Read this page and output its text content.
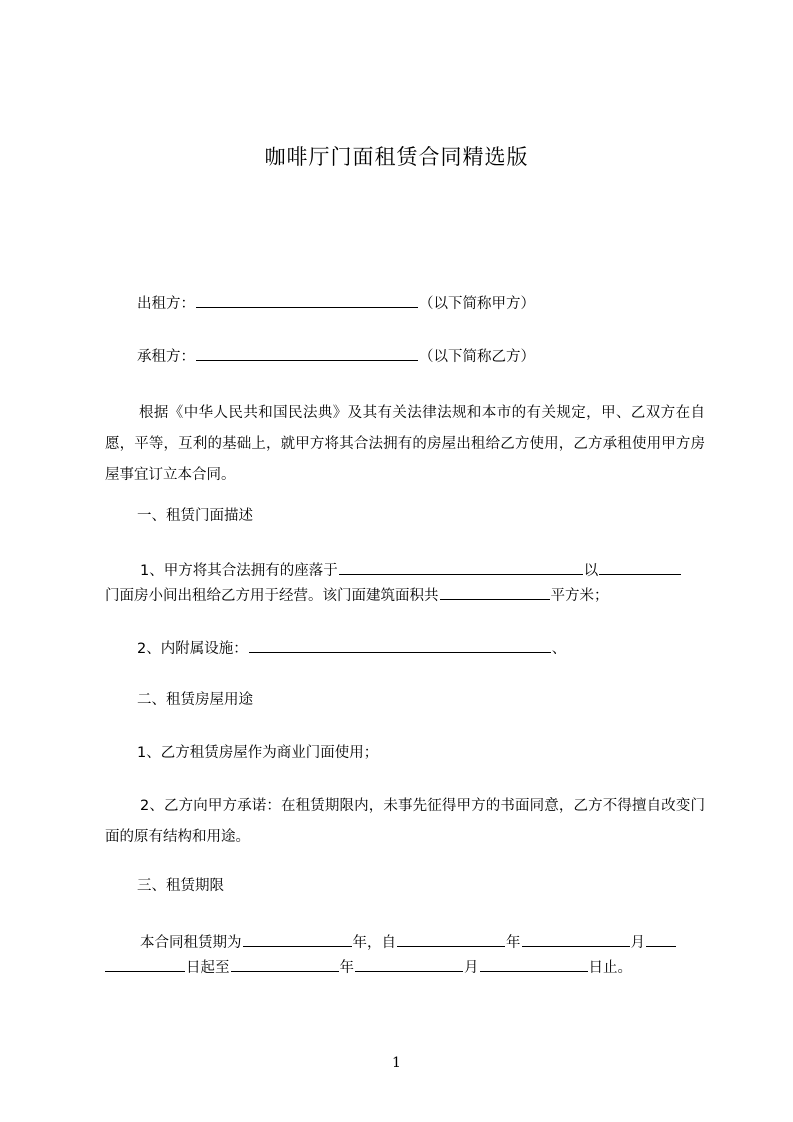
咖啡厅门面租赁合同精选版
出租方：	（以下简称甲方）
承租方：	（以下简称乙方）
根据《中华人民共和国民法典》及其有关法律法规和本市的有关规定，甲、乙双方在自愿，平等，互利的基础上，就甲方将其合法拥有的房屋出租给乙方使用，乙方承租使用甲方房屋事宜订立本合同。
一、租赁门面描述
1、甲方将其合法拥有的座落于	以
门面房小间出租给乙方用于经营。该门面建筑面积共	平方米；
2、内附属设施：	、
二、租赁房屋用途
1、乙方租赁房屋作为商业门面使用；
2、乙方向甲方承诺：在租赁期限内，未事先征得甲方的书面同意，乙方不得擅自改变门面的原有结构和用途。
三、租赁期限
本合同租赁期为	年，自	年	月
日起至	年	月	日止。
1
